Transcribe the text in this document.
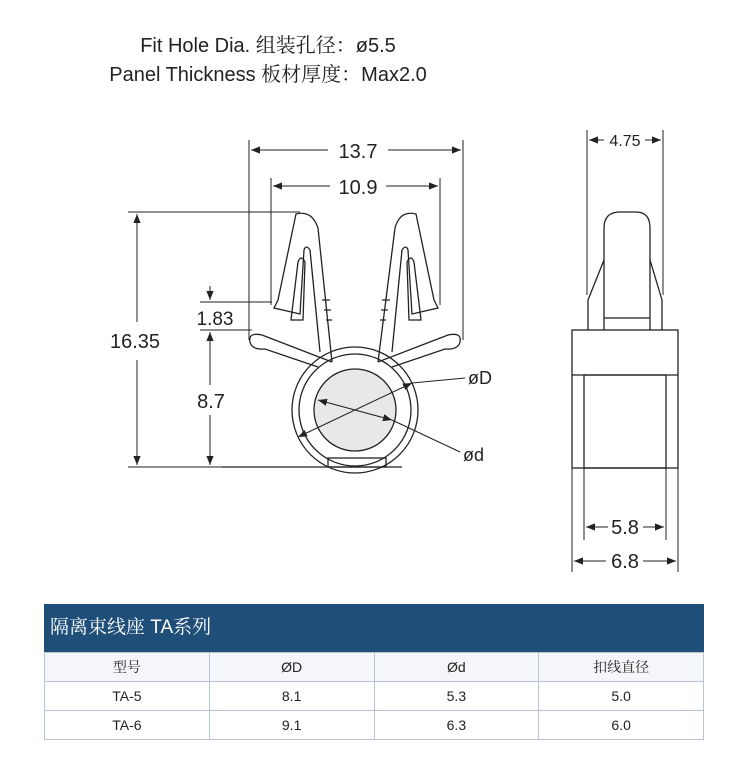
Fit Hole Dia. 组装孔径：ø5.5
Panel Thickness 板材厚度：Max2.0
13.7
10.9
16.35
1.83
8.7
øD
ød
4.75
5.8
6.8
隔离束线座 TA系列
型号	ØD	Ød	扣线直径
TA-5	8.1	5.3	5.0
TA-6	9.1	6.3	6.0
